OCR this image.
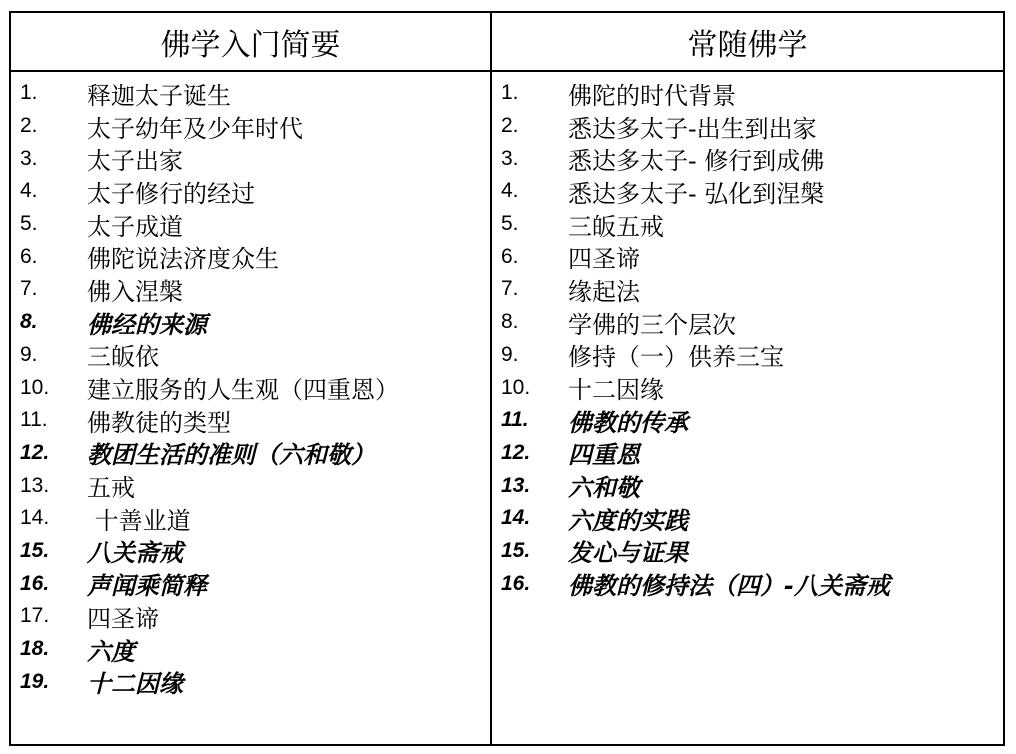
佛学入门简要
1.	释迦太子诞生
2.	太子幼年及少年时代
3.	太子出家
4.	太子修行的经过
5.	太子成道
6.	佛陀说法济度众生
7.	佛入涅槃
8.	佛经的来源
9.	三皈依
10.	建立服务的人生观（四重恩）
11.	佛教徒的类型
12.	教团生活的准则（六和敬）
13.	五戒
14.	十善业道
15.	八关斋戒
16.	声闻乘简释
17.	四圣谛
18.	六度
19.	十二因缘
常随佛学
1.	佛陀的时代背景
2.	悉达多太子-出生到出家
3.	悉达多太子- 修行到成佛
4.	悉达多太子- 弘化到涅槃
5.	三皈五戒
6.	四圣谛
7.	缘起法
8.	学佛的三个层次
9.	修持（一）供养三宝
10.	十二因缘
11.	佛教的传承
12.	四重恩
13.	六和敬
14.	六度的实践
15.	发心与证果
16.	佛教的修持法（四）-八关斋戒
